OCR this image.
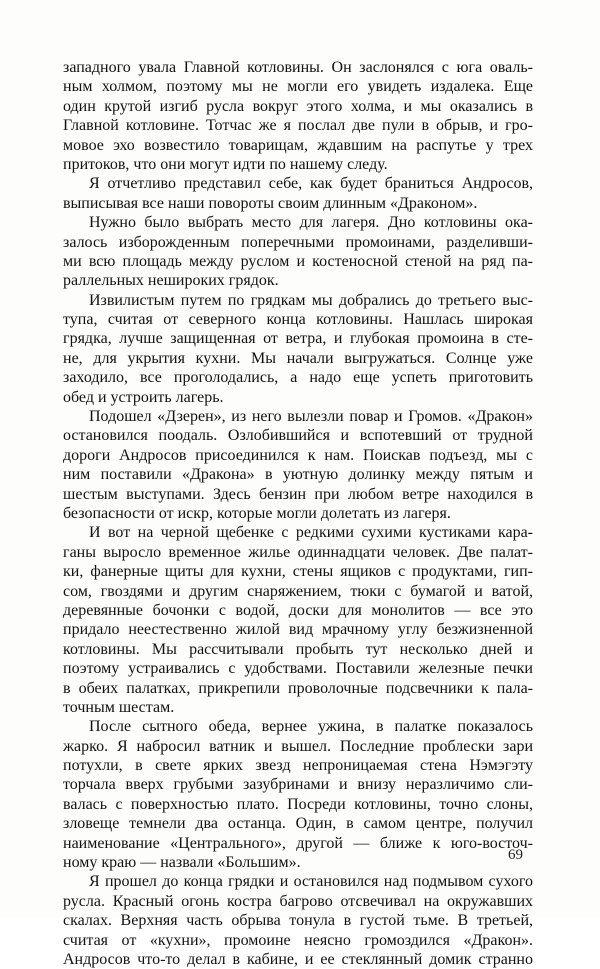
западного увала Главной котловины. Он заслонялся с юга оваль-
ным холмом, поэтому мы не могли его увидеть издалека. Еще
один крутой изгиб русла вокруг этого холма, и мы оказались в
Главной котловине. Тотчас же я послал две пули в обрыв, и гро-
мовое эхо возвестило товарищам, ждавшим на распутье у трех
притоков, что они могут идти по нашему следу.
Я отчетливо представил себе, как будет браниться Андросов,
выписывая все наши повороты своим длинным «Драконом».
Нужно было выбрать место для лагеря. Дно котловины ока-
залось изборожденным поперечными промоинами, разделивши-
ми всю площадь между руслом и костеносной стеной на ряд па-
раллельных неширокиx грядок.
Извилистым путем по грядкам мы добрались до третьего выс-
тупа, считая от северного конца котловины. Нашлась широкая
грядка, лучше защищенная от ветра, и глубокая промоина в сте-
не, для укрытия кухни. Мы начали выгружаться. Солнце уже
заходило, все проголодались, а надо еще успеть приготовить
обед и устроить лагерь.
Подошел «Дзерен», из него вылезли повар и Громов. «Дракон»
остановился поодаль. Озлобившийся и вспотевший от трудной
дороги Андросов присоединился к нам. Поискав подъезд, мы с
ним поставили «Дракона» в уютную долинку между пятым и
шестым выступами. Здесь бензин при любом ветре находился в
безопасности от искр, которые могли долетать из лагеря.
И вот на черной щебенке с редкими сухими кустиками кара-
ганы выросло временное жилье одиннадцати человек. Две палат-
ки, фанерные щиты для кухни, стены ящиков с продуктами, гип-
сом, гвоздями и другим снаряжением, тюки с бумагой и ватой,
деревянные бочонки с водой, доски для монолитов — все это
придало неестественно жилой вид мрачному углу безжизненной
котловины. Мы рассчитывали пробыть тут несколько дней и
поэтому устраивались с удобствами. Поставили железные печки
в обеих палатках, прикрепили проволочные подсвечники к пала-
точным шестам.
После сытного обеда, вернее ужина, в палатке показалось
жарко. Я набросил ватник и вышел. Последние проблески зари
потухли, в свете ярких звезд непроницаемая стена Нэмэгэту
торчала вверх грубыми зазубринами и внизу неразличимо сли-
валась с поверхностью плато. Посреди котловины, точно слоны,
зловеще темнели два останца. Один, в самом центре, получил
наименование «Центрального», другой — ближе к юго-восточ-
ному краю — назвали «Большим».
Я прошел до конца грядки и остановился над подмывом сухого
русла. Красный огонь костра багрово отсвечивал на окружавших
скалах. Верхняя часть обрыва тонула в густой тьме. В третьей,
считая от «кухни», промоине неясно громоздился «Дракон».
Андросов что-то делал в кабине, и ее стеклянный домик странно
69
